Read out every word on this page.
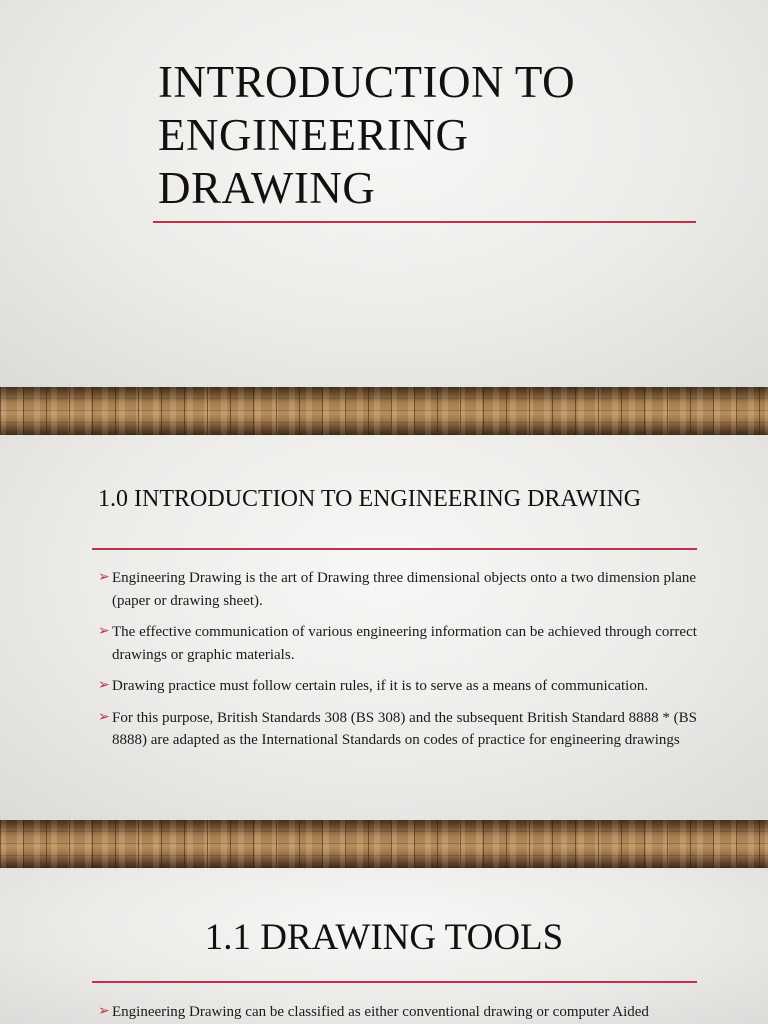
INTRODUCTION TO
ENGINEERING
DRAWING
1.0 INTRODUCTION TO ENGINEERING DRAWING
➢ Engineering Drawing is the art of Drawing three dimensional objects onto a two dimension plane (paper or drawing sheet).
➢ The effective communication of various engineering information can be achieved through correct drawings or graphic materials.
➢ Drawing practice must follow certain rules, if it is to serve as a means of communication.
➢ For this purpose, British Standards 308 (BS 308) and the subsequent British Standard 8888 * (BS 8888) are adapted as the International Standards on codes of practice for engineering drawings
1.1 DRAWING TOOLS
➢ Engineering Drawing can be classified as either conventional drawing or computer Aided
